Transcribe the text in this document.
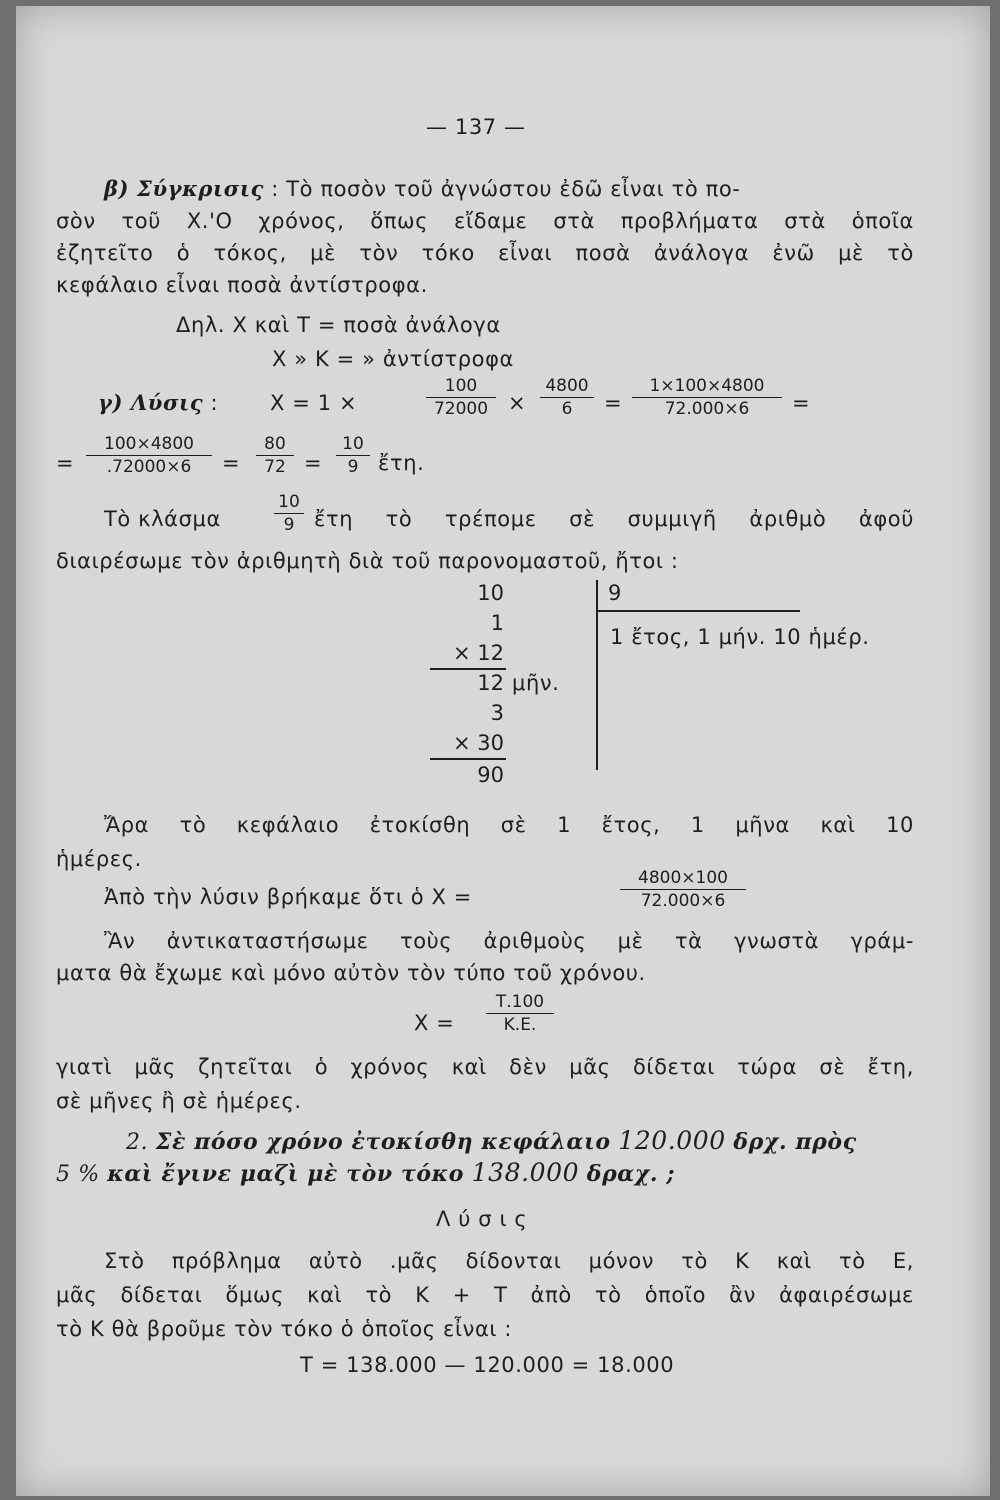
— 137 —
β) Σύγκρισις : Τὸ ποσὸν τοῦ ἀγνώστου ἐδῶ εἶναι τὸ πο-
σὸν τοῦ Χ.'Ο χρόνος, ὅπως εἴδαμε στὰ προβλήματα στὰ ὁποῖα
ἐζητεῖτο ὁ τόκος, μὲ τὸν τόκο εἶναι ποσὰ ἀνάλογα ἐνῶ μὲ τὸ
κεφάλαιο εἶναι ποσὰ ἀντίστροφα.
Δηλ. Χ καὶ Τ = ποσὰ ἀνάλογα
Χ » Κ = » ἀντίστροφα
γ) Λύσις : Χ = 1 ×	$\frac{100}{72000} \times \frac{4800}{6} = \frac{1\times 100\times 4800}{72.000\times 6}$ =
= $\frac{100\times 4800}{.72000\times 6} = \frac{80}{72} = \frac{10}{9}$ ἔτη.
Τὸ κλάσμα	$\frac{10}{9}$ ἔτη τὸ τρέπομε σὲ συμμιγῆ ἀριθμὸ ἀφοῦ
διαιρέσωμε τὸν ἀριθμητὴ διὰ τοῦ παρονομαστοῦ, ἤτοι :
10	9
1 ἔτος, 1 μήν. 10 ἡμέρ.
1
× 12
12 μῆν.
3
× 30
90
Ἄρα τὸ κεφάλαιο ἐτοκίσθη σὲ 1 ἔτος, 1 μῆνα καὶ 10
ἡμέρες.
Ἀπὸ τὴν λύσιν βρήκαμε ὅτι ὁ Χ =	$\frac{4800\times 100}{72.000\times 6}$
Ἂν ἀντικαταστήσωμε τοὺς ἀριθμοὺς μὲ τὰ γνωστὰ γράμ-
ματα θὰ ἔχωμε καὶ μόνο αὐτὸν τὸν τύπο τοῦ χρόνου.
$X = \frac{T.100}{K.E.}$
γιατὶ μᾶς ζητεῖται ὁ χρόνος καὶ δὲν μᾶς δίδεται τώρα σὲ ἔτη,
σὲ μῆνες ἢ σὲ ἡμέρες.
2. Σὲ πόσο χρόνο ἐτοκίσθη κεφάλαιο 120.000 δρχ. πρὸς
5 % καὶ ἔγινε μαζὶ μὲ τὸν τόκο 138.000 δραχ. ;
Λ ύ σ ι ς
Στὸ πρόβλημα αὐτὸ .μᾶς δίδονται μόνον τὸ Κ καὶ τὸ Ε,
μᾶς δίδεται ὅμως καὶ τὸ Κ + Τ ἀπὸ τὸ ὁποῖο ἂν ἀφαιρέσωμε
τὸ Κ θὰ βροῦμε τὸν τόκο ὁ ὁποῖος εἶναι :
Τ = 138.000 — 120.000 = 18.000
